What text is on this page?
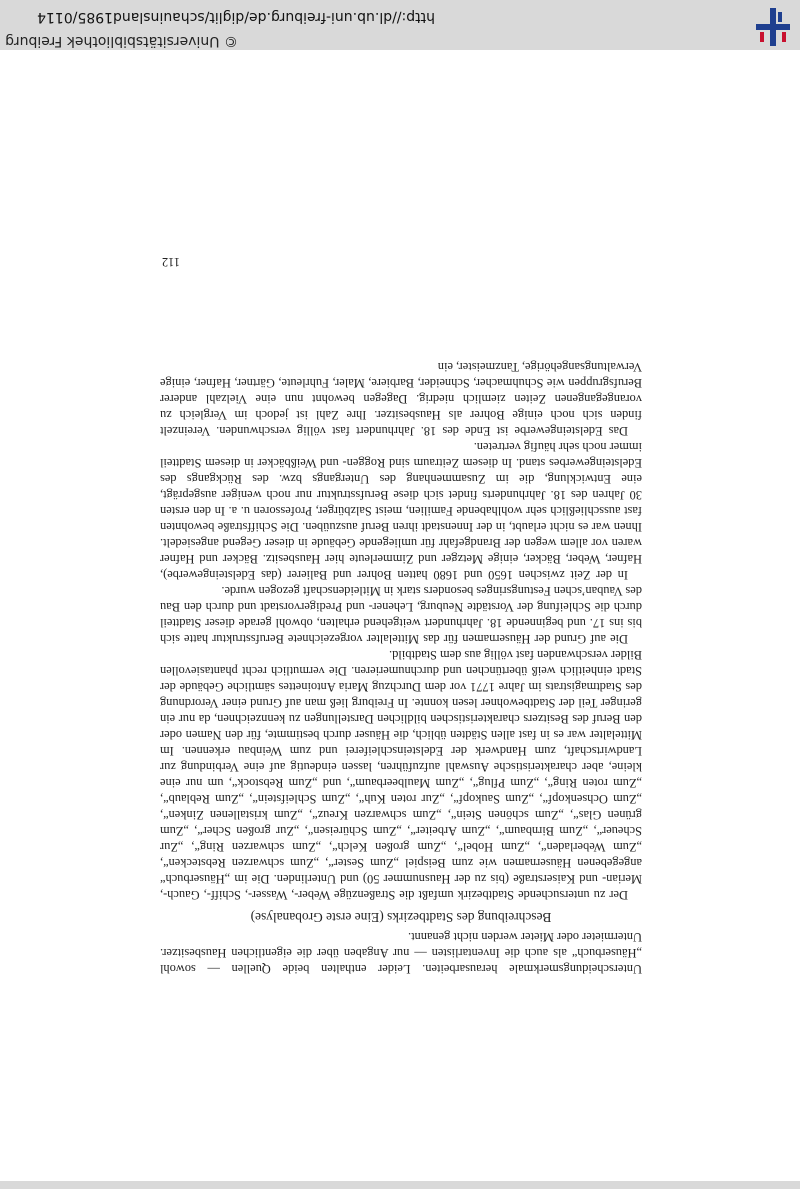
Unterscheidungsmerkmale herausarbeiten. Leider enthalten beide Quellen — sowohl „Häuserbuch“ als auch die Inventarlisten — nur Angaben über die eigentlichen Hausbesitzer. Untermieter oder Mieter werden nicht genannt.

Beschreibung des Stadtbezirks (Eine erste Grobanalyse)

Der zu untersuchende Stadtbezirk umfaßt die Straßenzüge Weber-, Wasser-, Schiff-, Gauch-, Merian- und Kaiserstraße (bis zu der Hausnummer 50) und Unterlinden. Die im „Häuserbuch“ angegebenen Häusernamen wie zum Beispiel „Zum Sester“, „Zum schwarzen Rebstecken“, „Zum Weberladen“, „Zum Hobel“, „Zum großen Kelch“, „Zum schwarzen Ring“, „Zur Scheuer“, „Zum Birnbaum“, „Zum Arbeiter“, „Zum Schüreisen“, „Zur großen Scher“, „Zum grünen Glas“, „Zum schönen Stein“, „Zum schwarzen Kreuz“, „Zum kristallenen Zinken“, „Zum Ochsenkopf“, „Zum Saukopf“, „Zur roten Kuh“, „Zum Schleifstein“, „Zum Reblaub“, „Zum roten Ring“, „Zum Pflug“, „Zum Maulbeerbaum“, und „Zum Rebstock“, um nur eine kleine, aber charakteristische Auswahl aufzuführen, lassen eindeutig auf eine Verbindung zur Landwirtschaft, zum Handwerk der Edelsteinschleiferei und zum Weinbau erkennen. Im Mittelalter war es in fast allen Städten üblich, die Häuser durch bestimmte, für den Namen oder den Beruf des Besitzers charakteristischen bildlichen Darstellungen zu kennzeichnen, da nur ein geringer Teil der Stadtbewohner lesen konnte. In Freiburg ließ man auf Grund einer Verordnung des Stadtmagistrats im Jahre 1771 vor dem Durchzug Maria Antoinettes sämtliche Gebäude der Stadt einheitlich weiß übertünchen und durchnumerieren. Die vermutlich recht phantasievollen Bilder verschwanden fast völlig aus dem Stadtbild.

Die auf Grund der Häusernamen für das Mittelalter vorgezeichnete Berufsstruktur hatte sich bis ins 17. und beginnende 18. Jahrhundert weitgehend erhalten, obwohl gerade dieser Stadtteil durch die Schleifung der Vorstädte Neuburg, Lehener- und Predigervorstadt und durch den Bau des Vauban’schen Festungsringes besonders stark in Mitleidenschaft gezogen wurde.

In der Zeit zwischen 1650 und 1680 hatten Bohrer und Balierer (das Edelsteingewerbe), Hafner, Weber, Bäcker, einige Metzger und Zimmerleute hier Hausbesitz. Bäcker und Hafner waren vor allem wegen der Brandgefahr für umliegende Gebäude in dieser Gegend angesiedelt. Ihnen war es nicht erlaubt, in der Innenstadt ihren Beruf auszuüben. Die Schiffstraße bewohnten fast ausschließlich sehr wohlhabende Familien, meist Salzbürger, Professoren u. a. In den ersten 30 Jahren des 18. Jahrhunderts findet sich diese Berufsstruktur nur noch weniger ausgeprägt, eine Entwicklung, die im Zusammenhang des Untergangs bzw. des Rückgangs des Edelsteingewerbes stand. In diesem Zeitraum sind Roggen- und Weißbäcker in diesem Stadtteil immer noch sehr häufig vertreten.

Das Edelsteingewerbe ist Ende des 18. Jahrhundert fast völlig verschwunden. Vereinzelt finden sich noch einige Bohrer als Hausbesitzer. Ihre Zahl ist jedoch im Vergleich zu vorangegangenen Zeiten ziemlich niedrig. Dagegen bewohnt nun eine Vielzahl anderer Berufsgruppen wie Schuhmacher, Schneider, Barbiere, Maler, Fuhrleute, Gärtner, Hafner, einige Verwaltungsangehörige, Tanzmeister, ein

112
© Universitätsbibliothek Freiburg
http://dl.ub.uni-freiburg.de/diglit/schauinsland1985/0114
